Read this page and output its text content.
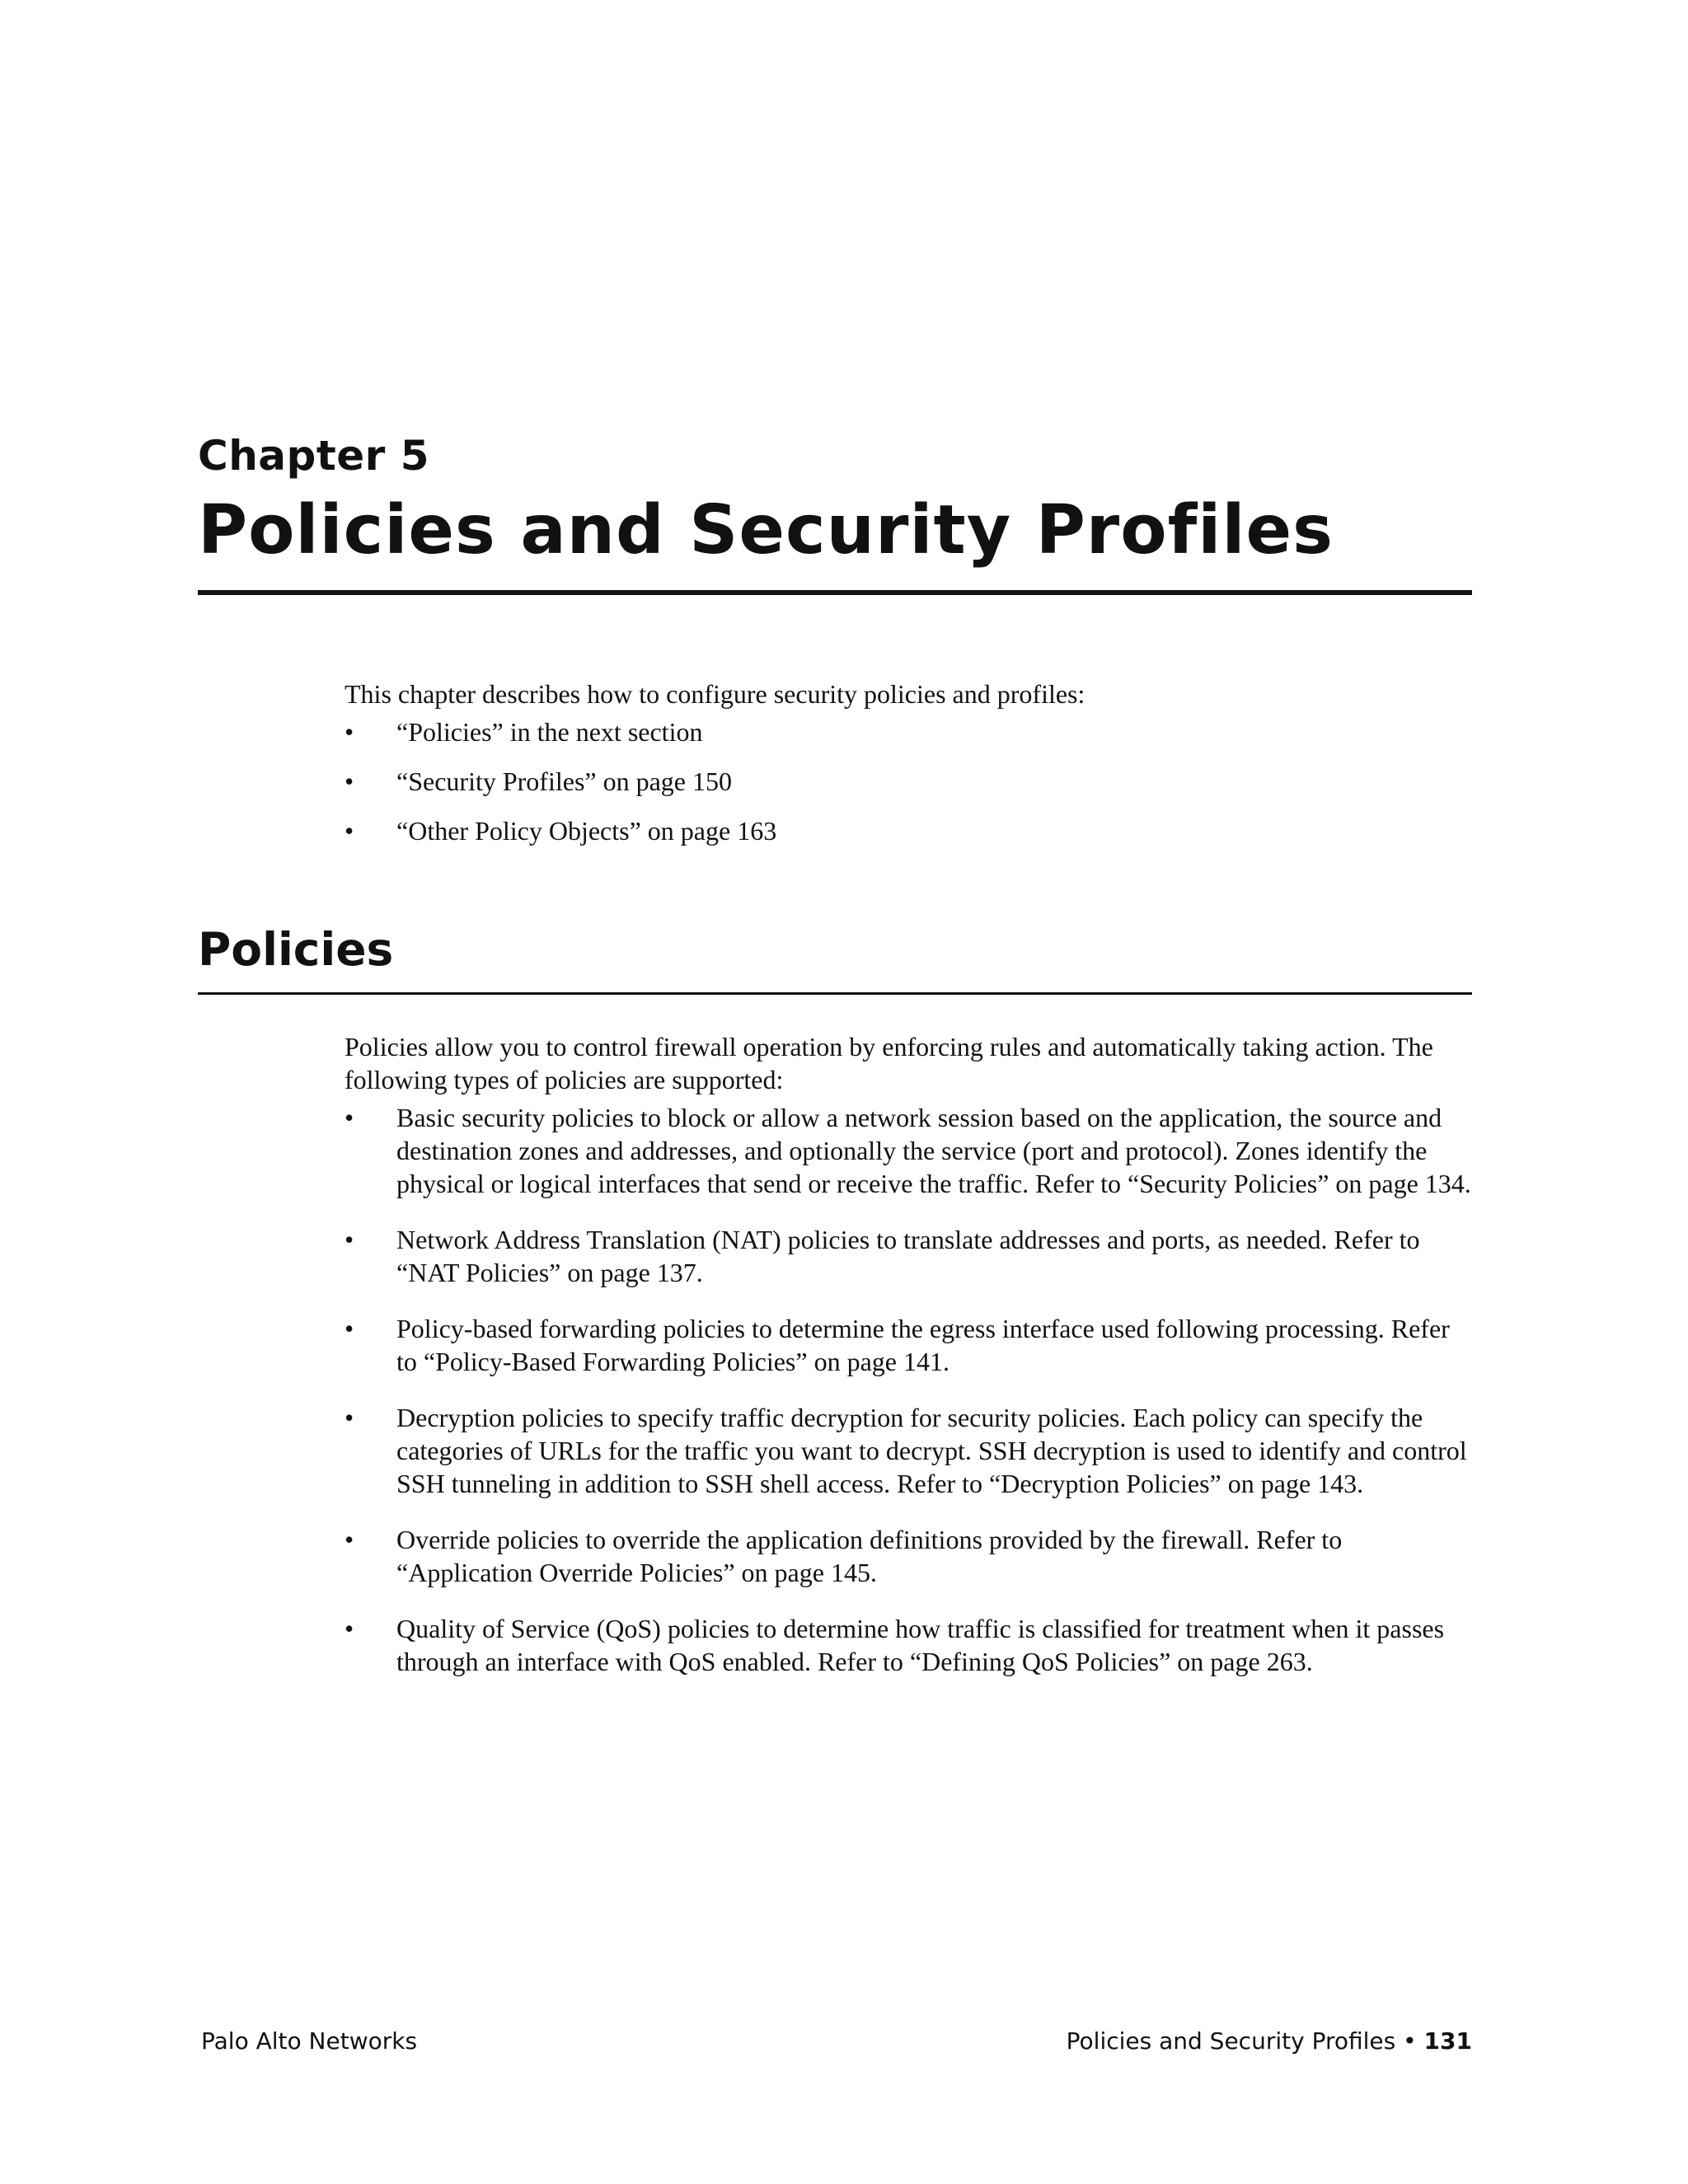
Chapter 5
Policies and Security Profiles

This chapter describes how to configure security policies and profiles:

• “Policies” in the next section
• “Security Profiles” on page 150
• “Other Policy Objects” on page 163
Policies

Policies allow you to control firewall operation by enforcing rules and automatically taking action. The following types of policies are supported:

• Basic security policies to block or allow a network session based on the application, the source and destination zones and addresses, and optionally the service (port and protocol). Zones identify the physical or logical interfaces that send or receive the traffic. Refer to “Security Policies” on page 134.
• Network Address Translation (NAT) policies to translate addresses and ports, as needed. Refer to “NAT Policies” on page 137.
• Policy-based forwarding policies to determine the egress interface used following processing. Refer to “Policy-Based Forwarding Policies” on page 141.
• Decryption policies to specify traffic decryption for security policies. Each policy can specify the categories of URLs for the traffic you want to decrypt. SSH decryption is used to identify and control SSH tunneling in addition to SSH shell access. Refer to “Decryption Policies” on page 143.
• Override policies to override the application definitions provided by the firewall. Refer to “Application Override Policies” on page 145.
• Quality of Service (QoS) policies to determine how traffic is classified for treatment when it passes through an interface with QoS enabled. Refer to “Defining QoS Policies” on page 263.
Palo Alto Networks	Policies and Security Profiles • 131
